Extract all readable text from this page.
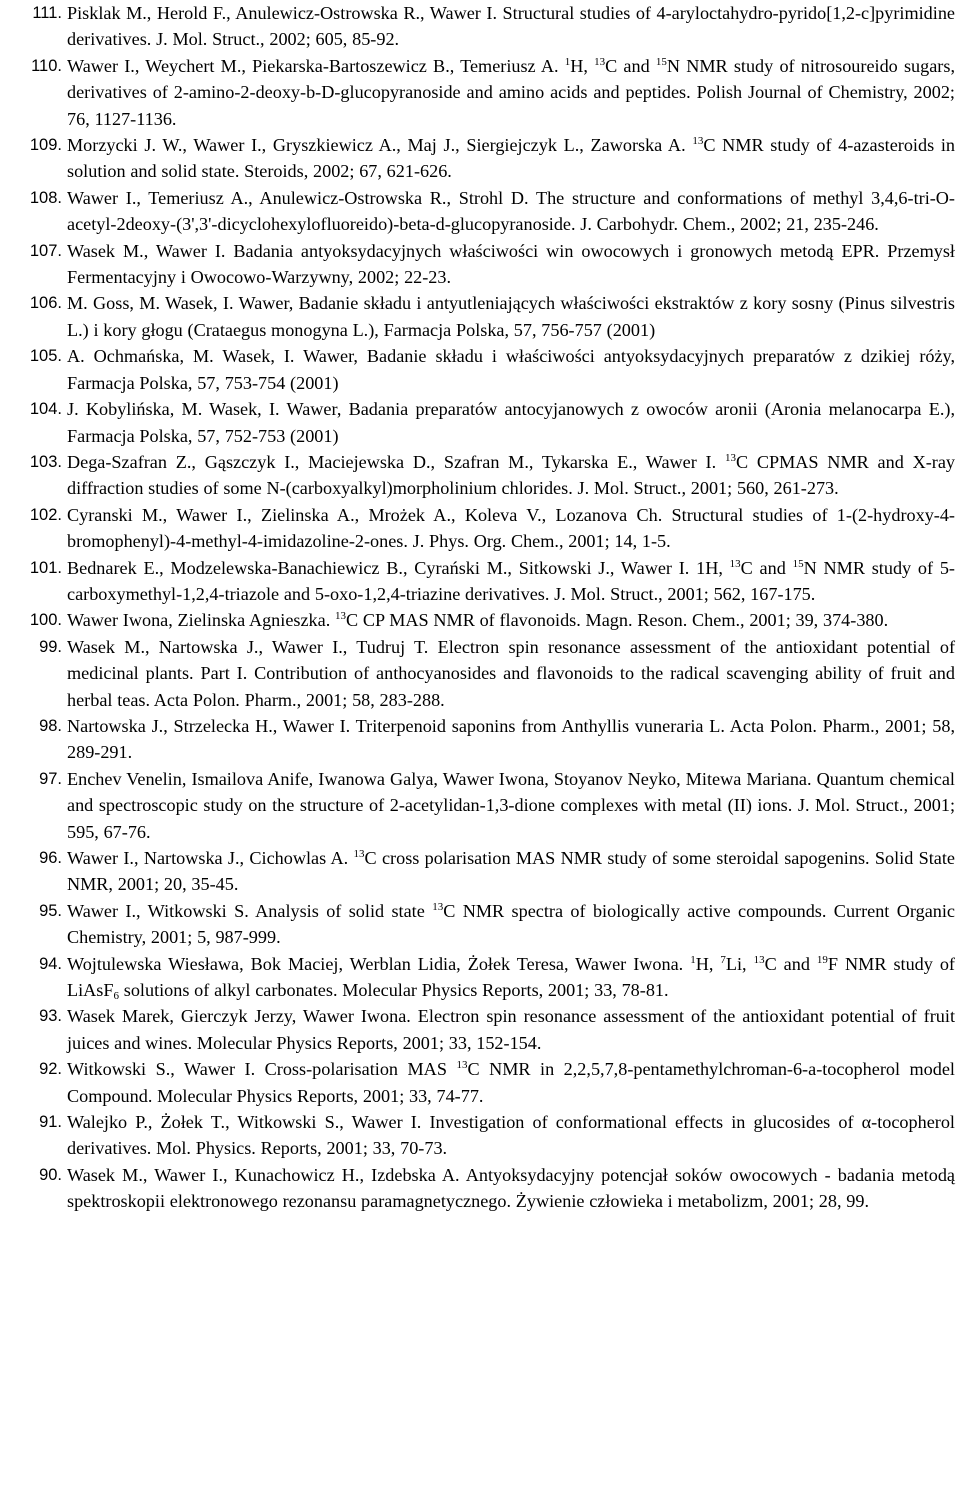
111. Pisklak M., Herold F., Anulewicz-Ostrowska R., Wawer I. Structural studies of 4-aryloctahydro-pyrido[1,2-c]pyrimidine derivatives. J. Mol. Struct., 2002; 605, 85-92.
110. Wawer I., Weychert M., Piekarska-Bartoszewicz B., Temeriusz A. $^1$H, $^{13}$C and $^{15}$N NMR study of nitrosoureido sugars, derivatives of 2-amino-2-deoxy-b-D-glucopyranoside and amino acids and peptides. Polish Journal of Chemistry, 2002; 76, 1127-1136.
109. Morzycki J. W., Wawer I., Gryszkiewicz A., Maj J., Siergiejczyk L., Zaworska A. $^{13}$C NMR study of 4-azasteroids in solution and solid state. Steroids, 2002; 67, 621-626.
108. Wawer I., Temeriusz A., Anulewicz-Ostrowska R., Strohl D. The structure and conformations of methyl 3,4,6-tri-O-acetyl-2deoxy-(3',3'-dicyclohexylofluoreido)-beta-d-glucopyranoside. J. Carbohydr. Chem., 2002; 21, 235-246.
107. Wasek M., Wawer I. Badania antyoksydacyjnych właściwości win owocowych i gronowych metodą EPR. Przemysł Fermentacyjny i Owocowo-Warzywny, 2002; 22-23.
106. M. Goss, M. Wasek, I. Wawer, Badanie składu i antyutleniających właściwości ekstraktów z kory sosny (Pinus silvestris L.) i kory głogu (Crataegus monogyna L.), Farmacja Polska, 57, 756-757 (2001)
105. A. Ochmańska, M. Wasek, I. Wawer, Badanie składu i właściwości antyoksydacyjnych preparatów z dzikiej róży, Farmacja Polska, 57, 753-754 (2001)
104. J. Kobylińska, M. Wasek, I. Wawer, Badania preparatów antocyjanowych z owoców aronii (Aronia melanocarpa E.), Farmacja Polska, 57, 752-753 (2001)
103. Dega-Szafran Z., Gąszczyk I., Maciejewska D., Szafran M., Tykarska E., Wawer I. $^{13}$C CPMAS NMR and X-ray diffraction studies of some N-(carboxyalkyl)morpholinium chlorides. J. Mol. Struct., 2001; 560, 261-273.
102. Cyranski M., Wawer I., Zielinska A., Mrożek A., Koleva V., Lozanova Ch. Structural studies of 1-(2-hydroxy-4-bromophenyl)-4-methyl-4-imidazoline-2-ones. J. Phys. Org. Chem., 2001; 14, 1-5.
101. Bednarek E., Modzelewska-Banachiewicz B., Cyrański M., Sitkowski J., Wawer I. 1H, $^{13}$C and $^{15}$N NMR study of 5-carboxymethyl-1,2,4-triazole and 5-oxo-1,2,4-triazine derivatives. J. Mol. Struct., 2001; 562, 167-175.
100. Wawer Iwona, Zielinska Agnieszka. $^{13}$C CP MAS NMR of flavonoids. Magn. Reson. Chem., 2001; 39, 374-380.
99. Wasek M., Nartowska J., Wawer I., Tudruj T. Electron spin resonance assessment of the antioxidant potential of medicinal plants. Part I. Contribution of anthocyanosides and flavonoids to the radical scavenging ability of fruit and herbal teas. Acta Polon. Pharm., 2001; 58, 283-288.
98. Nartowska J., Strzelecka H., Wawer I. Triterpenoid saponins from Anthyllis vuneraria L. Acta Polon. Pharm., 2001; 58, 289-291.
97. Enchev Venelin, Ismailova Anife, Iwanowa Galya, Wawer Iwona, Stoyanov Neyko, Mitewa Mariana. Quantum chemical and spectroscopic study on the structure of 2-acetylidan-1,3-dione complexes with metal (II) ions. J. Mol. Struct., 2001; 595, 67-76.
96. Wawer I., Nartowska J., Cichowlas A. $^{13}$C cross polarisation MAS NMR study of some steroidal sapogenins. Solid State NMR, 2001; 20, 35-45.
95. Wawer I., Witkowski S. Analysis of solid state $^{13}$C NMR spectra of biologically active compounds. Current Organic Chemistry, 2001; 5, 987-999.
94. Wojtulewska Wiesława, Bok Maciej, Werblan Lidia, Żołek Teresa, Wawer Iwona. $^1$H, $^7$Li, $^{13}$C and $^{19}$F NMR study of LiAsF$_6$ solutions of alkyl carbonates. Molecular Physics Reports, 2001; 33, 78-81.
93. Wasek Marek, Gierczyk Jerzy, Wawer Iwona. Electron spin resonance assessment of the antioxidant potential of fruit juices and wines. Molecular Physics Reports, 2001; 33, 152-154.
92. Witkowski S., Wawer I. Cross-polarisation MAS $^{13}$C NMR in 2,2,5,7,8-pentamethylchroman-6-a-tocopherol model Compound. Molecular Physics Reports, 2001; 33, 74-77.
91. Walejko P., Żołek T., Witkowski S., Wawer I. Investigation of conformational effects in glucosides of α-tocopherol derivatives. Mol. Physics. Reports, 2001; 33, 70-73.
90. Wasek M., Wawer I., Kunachowicz H., Izdebska A. Antyoksydacyjny potencjał soków owocowych - badania metodą spektroskopii elektronowego rezonansu paramagnetycznego. Żywienie człowieka i metabolizm, 2001; 28, 99.
